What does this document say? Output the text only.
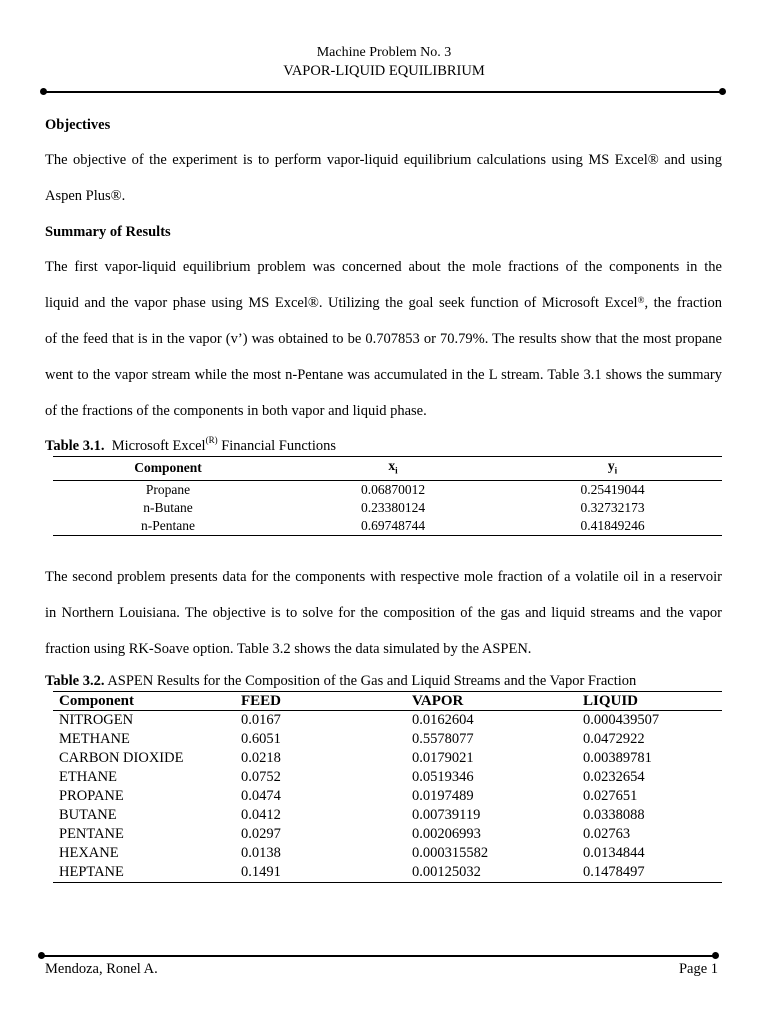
Machine Problem No. 3
VAPOR-LIQUID EQUILIBRIUM
Objectives
The objective of the experiment is to perform vapor-liquid equilibrium calculations using MS Excel® and using
Aspen Plus®.
Summary of Results
The first vapor-liquid equilibrium problem was concerned about the mole fractions of the components in the
liquid and the vapor phase using MS Excel®. Utilizing the goal seek function of Microsoft Excel®, the fraction
of the feed that is in the vapor (v’) was obtained to be 0.707853 or 70.79%. The results show that the most propane
went to the vapor stream while the most n-Pentane was accumulated in the L stream. Table 3.1 shows the summary
of the fractions of the components in both vapor and liquid phase.
Table 3.1. Microsoft Excel$^{(R)}$ Financial Functions
Component	$x_i$	$y_i$
Propane	0.06870012	0.25419044
n-Butane	0.23380124	0.32732173
n-Pentane	0.69748744	0.41849246
The second problem presents data for the components with respective mole fraction of a volatile oil in a reservoir
in Northern Louisiana. The objective is to solve for the composition of the gas and liquid streams and the vapor
fraction using RK-Soave option. Table 3.2 shows the data simulated by the ASPEN.
Table 3.2. ASPEN Results for the Composition of the Gas and Liquid Streams and the Vapor Fraction
Component	FEED	VAPOR	LIQUID
NITROGEN	0.0167	0.0162604	0.000439507
METHANE	0.6051	0.5578077	0.0472922
CARBON DIOXIDE	0.0218	0.0179021	0.00389781
ETHANE	0.0752	0.0519346	0.0232654
PROPANE	0.0474	0.0197489	0.027651
BUTANE	0.0412	0.00739119	0.0338088
PENTANE	0.0297	0.00206993	0.02763
HEXANE	0.0138	0.000315582	0.0134844
HEPTANE	0.1491	0.00125032	0.1478497
Mendoza, Ronel A.	Page 1
